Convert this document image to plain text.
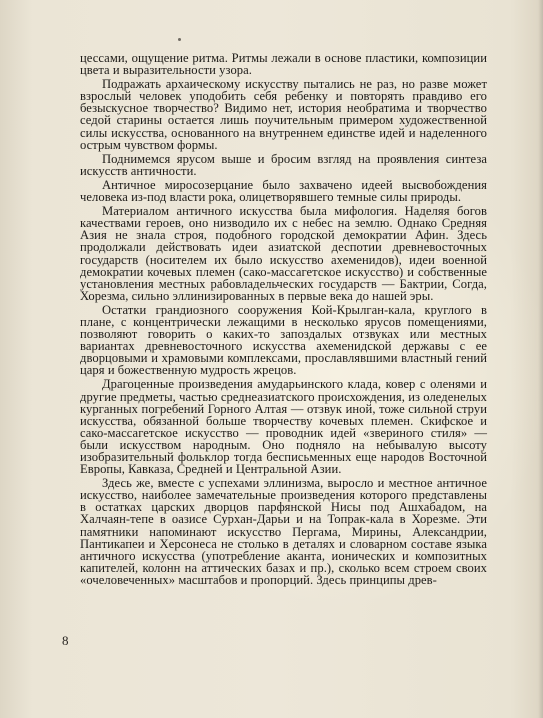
цессами, ощущение ритма. Ритмы лежали в основе пластики, композиции цвета и выразительности узора.

Подражать архаическому искусству пытались не раз, но разве может взрослый человек уподобить себя ребенку и повторять правдиво его безыскусное творчество? Видимо нет, история необратима и творчество седой старины остается лишь поучительным примером художественной силы искусства, основанного на внутреннем единстве идей и наделенного острым чувством формы.

Поднимемся ярусом выше и бросим взгляд на проявления синтеза искусств античности.

Античное миросозерцание было захвачено идеей высвобождения человека из-под власти рока, олицетворявшего темные силы природы.

Материалом античного искусства была мифология. Наделяя богов качествами героев, оно низводило их с небес на землю. Однако Средняя Азия не знала строя, подобного городской демократии Афин. Здесь продолжали действовать идеи азиатской деспотии древневосточных государств (носителем их было искусство ахеменидов), идеи военной демократии кочевых племен (сако-массагетское искусство) и собственные установления местных рабовладельческих государств — Бактрии, Согда, Хорезма, сильно эллинизированных в первые века до нашей эры.

Остатки грандиозного сооружения Кой-Крылган-кала, круглого в плане, с концентрически лежащими в несколько ярусов помещениями, позволяют говорить о каких-то запоздалых отзвуках или местных вариантах древневосточного искусства ахеменидской державы с ее дворцовыми и храмовыми комплексами, прославлявшими властный гений царя и божественную мудрость жрецов.

Драгоценные произведения амударьинского клада, ковер с оленями и другие предметы, частью среднеазиатского происхождения, из оледенелых курганных погребений Горного Алтая — отзвук иной, тоже сильной струи искусства, обязанной больше творчеству кочевых племен. Скифское и сако-массагетское искусство — проводник идей «звериного стиля» — были искусством народным. Оно подняло на небывалую высоту изобразительный фольклор тогда бесписьменных еще народов Восточной Европы, Кавказа, Средней и Центральной Азии.

Здесь же, вместе с успехами эллинизма, выросло и местное античное искусство, наиболее замечательные произведения которого представлены в остатках царских дворцов парфянской Нисы под Ашхабадом, на Халчаян-тепе в оазисе Сурхан-Дарьи и на Топрак-кала в Хорезме. Эти памятники напоминают искусство Пергама, Мирины, Александрии, Пантикапеи и Херсонеса не столько в деталях и словарном составе языка античного искусства (употребление аканта, ионических и композитных капителей, колонн на аттических базах и пр.), сколько всем строем своих «очеловеченных» масштабов и пропорций. Здесь принципы древ-

8
